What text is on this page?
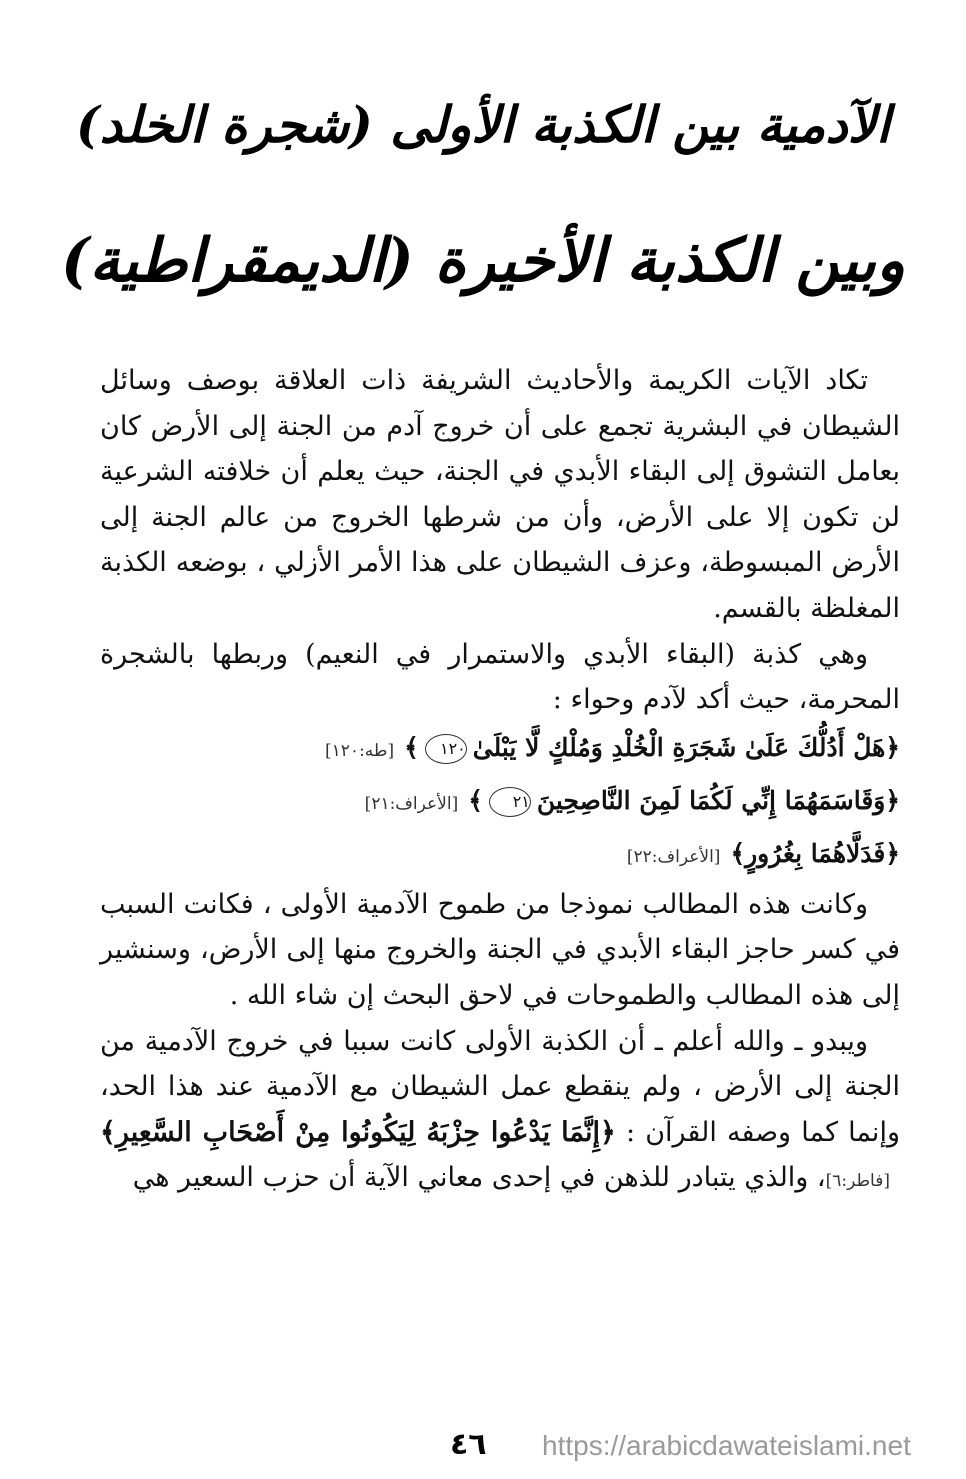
الآدمية بين الكذبة الأولى (شجرة الخلد)
وبين الكذبة الأخيرة (الديمقراطية)

تكاد الآيات الكريمة والأحاديث الشريفة ذات العلاقة بوصف وسائل الشيطان في البشرية تجمع على أن خروج آدم من الجنة إلى الأرض كان بعامل التشوق إلى البقاء الأبدي في الجنة، حيث يعلم أن خلافته الشرعية لن تكون إلا على الأرض، وأن من شرطها الخروج من عالم الجنة إلى الأرض المبسوطة، وعزف الشيطان على هذا الأمر الأزلي ، بوضعه الكذبة المغلظة بالقسم.

وهي كذبة (البقاء الأبدي والاستمرار في النعيم) وربطها بالشجرة المحرمة، حيث أكد لآدم وحواء :

﴿هَلْ أَدُلُّكَ عَلَىٰ شَجَرَةِ الْخُلْدِ وَمُلْكٍ لَّا يَبْلَىٰ١٢٠﴾[طه:١٢٠]
﴿وَقَاسَمَهُمَا إِنِّي لَكُمَا لَمِنَ النَّاصِحِينَ٢١﴾[الأعراف:٢١]
﴿فَدَلَّاهُمَا بِغُرُورٍ﴾[الأعراف:٢٢]

وكانت هذه المطالب نموذجا من طموح الآدمية الأولى ، فكانت السبب في كسر حاجز البقاء الأبدي في الجنة والخروج منها إلى الأرض، وسنشير إلى هذه المطالب والطموحات في لاحق البحث إن شاء الله .

ويبدو ـ والله أعلم ـ أن الكذبة الأولى كانت سببا في خروج الآدمية من الجنة إلى الأرض ، ولم ينقطع عمل الشيطان مع الآدمية عند هذا الحد، وإنما كما وصفه القرآن : ﴿إِنَّمَا يَدْعُوا حِزْبَهُ لِيَكُونُوا مِنْ أَصْحَابِ السَّعِيرِ﴾ [فاطر:٦]، والذي يتبادر للذهن في إحدى معاني الآية أن حزب السعير هي

٤٦ https://arabicdawateislami.net
